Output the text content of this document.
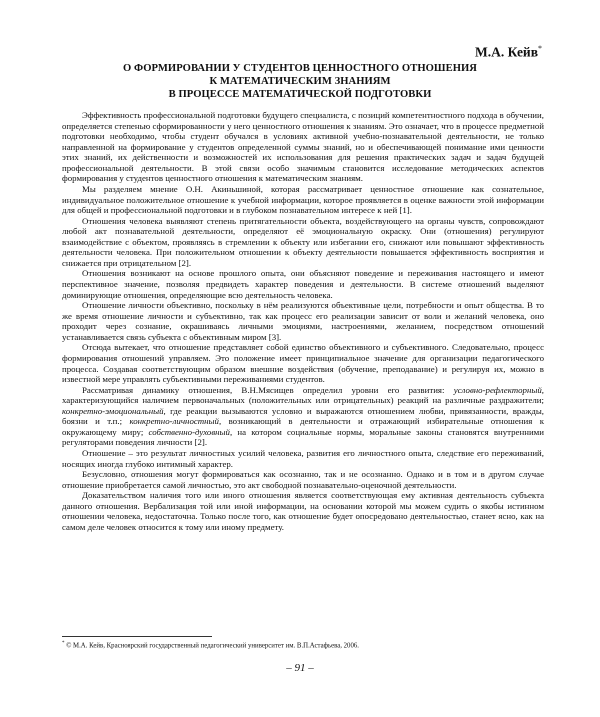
М.А. Кейв*
О ФОРМИРОВАНИИ У СТУДЕНТОВ ЦЕННОСТНОГО ОТНОШЕНИЯ
К МАТЕМАТИЧЕСКИМ ЗНАНИЯМ
В ПРОЦЕССЕ МАТЕМАТИЧЕСКОЙ ПОДГОТОВКИ

Эффективность профессиональной подготовки будущего специалиста, с позиций компетентностного подхода в обучении, определяется степенью сформированности у него ценностного отношения к знаниям. Это означает, что в процессе предметной подготовки необходимо, чтобы студент обучался в условиях активной учебно-познавательной деятельности, не только направленной на формирование у студентов определенной суммы знаний, но и обеспечивающей понимание ими ценности этих знаний, их действенности и возможностей их использования для решения практических задач и задач будущей профессиональной деятельности. В этой связи особо значимым становится исследование методических аспектов формирования у студентов ценностного отношения к математическим знаниям.

Мы разделяем мнение О.Н. Акиньшиной, которая рассматривает ценностное отношение как сознательное, индивидуальное положительное отношение к учебной информации, которое проявляется в оценке важности этой информации для общей и профессиональной подготовки и в глубоком познавательном интересе к ней [1].

Отношения человека выявляют степень притягательности объекта, воздействующего на органы чувств, сопровождают любой акт познавательной деятельности, определяют её эмоциональную окраску. Они (отношения) регулируют взаимодействие с объектом, проявляясь в стремлении к объекту или избегании его, снижают или повышают эффективность деятельности человека. При положительном отношении к объекту деятельности повышается эффективность восприятия и снижается при отрицательном [2].

Отношения возникают на основе прошлого опыта, они объясняют поведение и переживания настоящего и имеют перспективное значение, позволяя предвидеть характер поведения и деятельности. В системе отношений выделяют доминирующие отношения, определяющие всю деятельность человека.

Отношение личности объективно, поскольку в нём реализуются объективные цели, потребности и опыт общества. В то же время отношение личности и субъективно, так как процесс его реализации зависит от воли и желаний человека, оно проходит через сознание, окрашиваясь личными эмоциями, настроениями, желанием, посредством отношений устанавливается связь субъекта с объективным миром [3].

Отсюда вытекает, что отношение представляет собой единство объективного и субъективного. Следовательно, процесс формирования отношений управляем. Это положение имеет принципиальное значение для организации педагогического процесса. Создавая соответствующим образом внешние воздействия (обучение, преподавание) и регулируя их, можно в известной мере управлять субъективными переживаниями студентов.

Рассматривая динамику отношения, В.Н.Мясищев определил уровни его развития: условно-рефлекторный, характеризующийся наличием первоначальных (положительных или отрицательных) реакций на различные раздражители; конкретно-эмоциональный, где реакции вызываются условно и выражаются отношением любви, привязанности, вражды, боязни и т.п.; конкретно-личностный, возникающий в деятельности и отражающий избирательные отношения к окружающему миру; собственно-духовный, на котором социальные нормы, моральные законы становятся внутренними регуляторами поведения личности [2].

Отношение – это результат личностных усилий человека, развития его личностного опыта, следствие его переживаний, носящих иногда глубоко интимный характер.

Безусловно, отношения могут формироваться как осознанно, так и не осознанно. Однако и в том и в другом случае отношение приобретается самой личностью, это акт свободной познавательно-оценочной деятельности.

Доказательством наличия того или иного отношения является соответствующая ему активная деятельность субъекта данного отношения. Вербализация той или иной информации, на основании которой мы можем судить о якобы истинном отношении человека, недостаточна. Только после того, как отношение будет опосредовано деятельностью, станет ясно, как на самом деле человек относится к тому или иному предмету.

* © М.А. Кейв, Красноярский государственный педагогический университет им. В.П.Астафьева, 2006.
– 91 –
